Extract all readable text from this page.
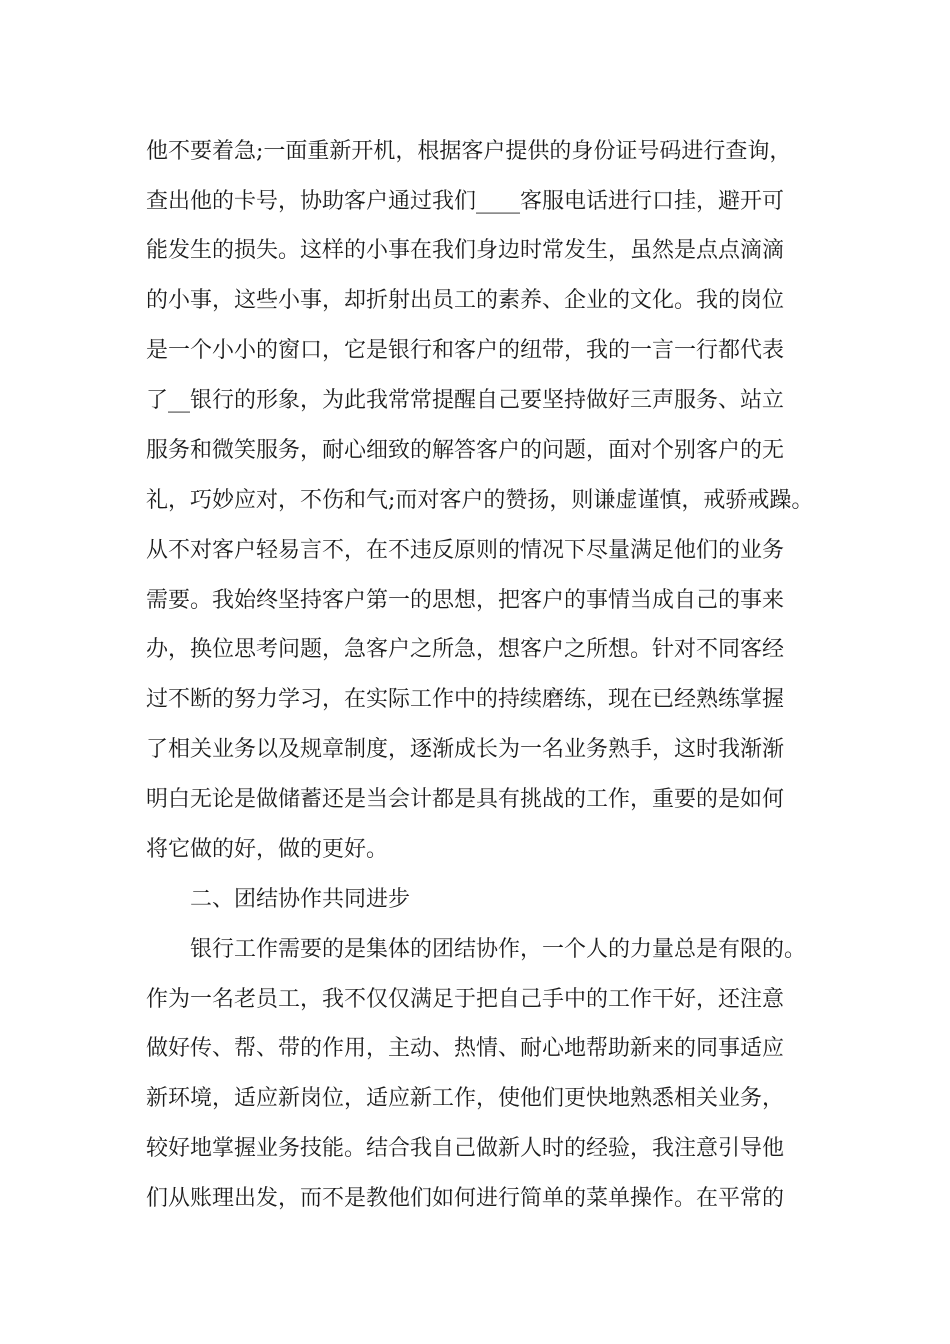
他不要着急;一面重新开机，根据客户提供的身份证号码进行查询，

查出他的卡号，协助客户通过我们____客服电话进行口挂，避开可

能发生的损失。这样的小事在我们身边时常发生，虽然是点点滴滴

的小事，这些小事，却折射出员工的素养、企业的文化。我的岗位

是一个小小的窗口，它是银行和客户的纽带，我的一言一行都代表

了__银行的形象，为此我常常提醒自己要坚持做好三声服务、站立

服务和微笑服务，耐心细致的解答客户的问题，面对个别客户的无

礼，巧妙应对，不伤和气;而对客户的赞扬，则谦虚谨慎，戒骄戒躁。

从不对客户轻易言不，在不违反原则的情况下尽量满足他们的业务

需要。我始终坚持客户第一的思想，把客户的事情当成自己的事来

办，换位思考问题，急客户之所急，想客户之所想。针对不同客经

过不断的努力学习，在实际工作中的持续磨练，现在已经熟练掌握

了相关业务以及规章制度，逐渐成长为一名业务熟手，这时我渐渐

明白无论是做储蓄还是当会计都是具有挑战的工作，重要的是如何

将它做的好，做的更好。

二、团结协作共同进步

银行工作需要的是集体的团结协作，一个人的力量总是有限的。

作为一名老员工，我不仅仅满足于把自己手中的工作干好，还注意

做好传、帮、带的作用，主动、热情、耐心地帮助新来的同事适应

新环境，适应新岗位，适应新工作，使他们更快地熟悉相关业务，

较好地掌握业务技能。结合我自己做新人时的经验，我注意引导他

们从账理出发，而不是教他们如何进行简单的菜单操作。在平常的
